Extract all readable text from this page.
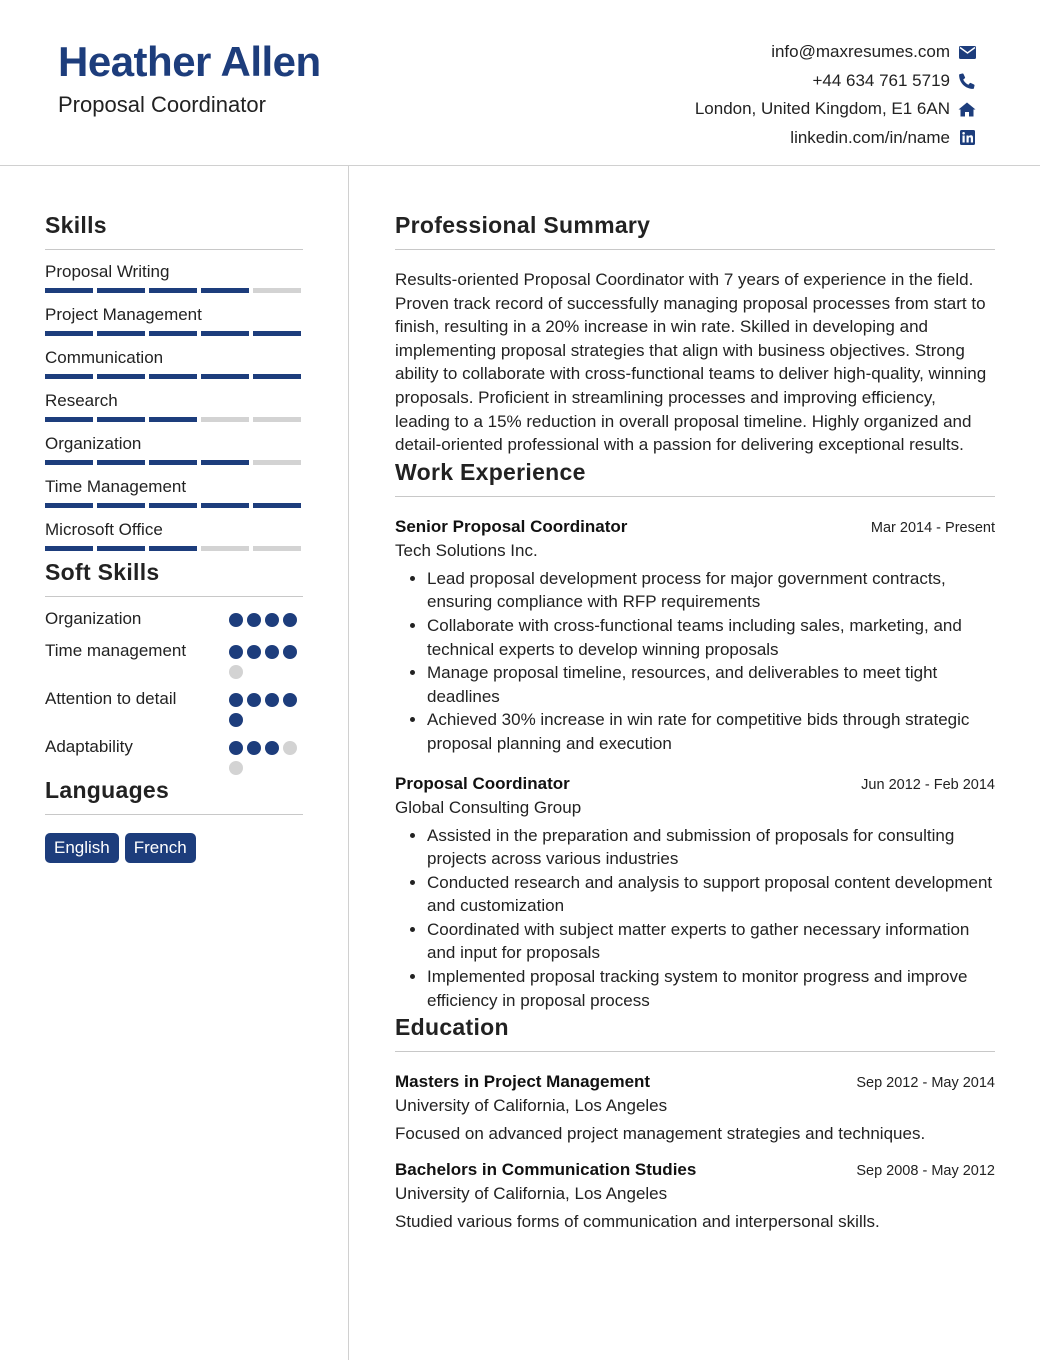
Heather Allen
Proposal Coordinator
info@maxresumes.com
+44 634 761 5719
London, United Kingdom, E1 6AN
linkedin.com/in/name
Skills
Proposal Writing
Project Management
Communication
Research
Organization
Time Management
Microsoft Office
Soft Skills
Organization
Time management
Attention to detail
Adaptability
Languages
English	French
Professional Summary
Results-oriented Proposal Coordinator with 7 years of experience in the field. Proven track record of successfully managing proposal processes from start to finish, resulting in a 20% increase in win rate. Skilled in developing and implementing proposal strategies that align with business objectives. Strong ability to collaborate with cross-functional teams to deliver high-quality, winning proposals. Proficient in streamlining processes and improving efficiency, leading to a 15% reduction in overall proposal timeline. Highly organized and detail-oriented professional with a passion for delivering exceptional results.
Work Experience
Senior Proposal Coordinator	Mar 2014 - Present
Tech Solutions Inc.
• Lead proposal development process for major government contracts, ensuring compliance with RFP requirements
• Collaborate with cross-functional teams including sales, marketing, and technical experts to develop winning proposals
• Manage proposal timeline, resources, and deliverables to meet tight deadlines
• Achieved 30% increase in win rate for competitive bids through strategic proposal planning and execution
Proposal Coordinator	Jun 2012 - Feb 2014
Global Consulting Group
• Assisted in the preparation and submission of proposals for consulting projects across various industries
• Conducted research and analysis to support proposal content development and customization
• Coordinated with subject matter experts to gather necessary information and input for proposals
• Implemented proposal tracking system to monitor progress and improve efficiency in proposal process
Education
Masters in Project Management	Sep 2012 - May 2014
University of California, Los Angeles
Focused on advanced project management strategies and techniques.
Bachelors in Communication Studies	Sep 2008 - May 2012
University of California, Los Angeles
Studied various forms of communication and interpersonal skills.
